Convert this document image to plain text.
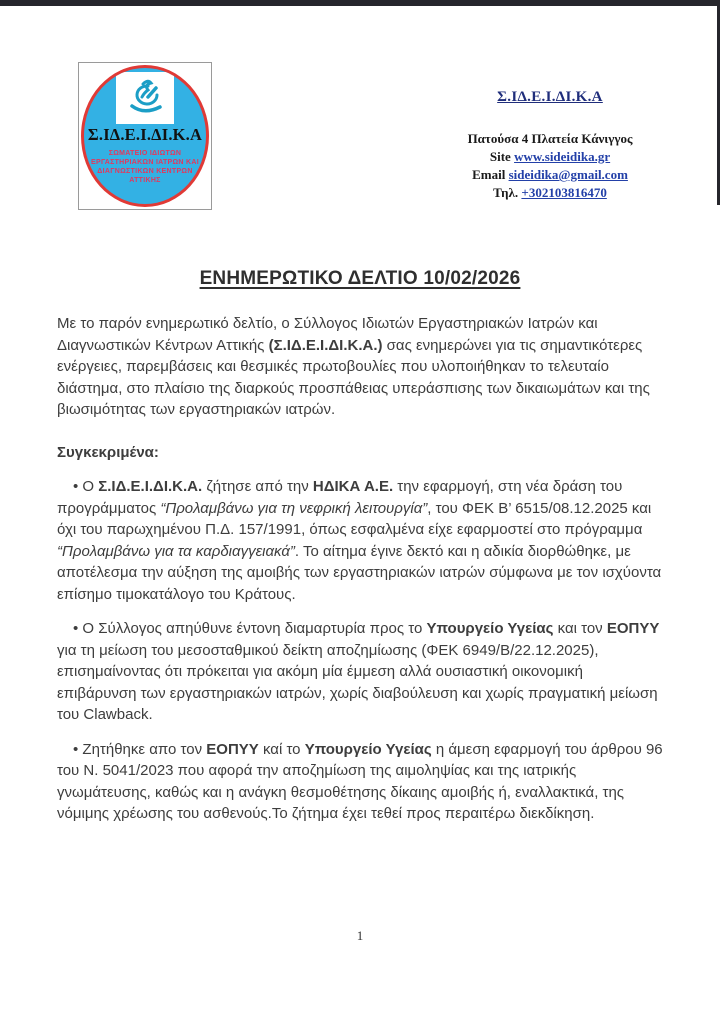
Σ.ΙΔ.Ε.Ι.ΔΙ.Κ.Α
ΣΩΜΑΤΕΙΟ ΙΔΙΩΤΩΝ
ΕΡΓΑΣΤΗΡΙΑΚΩΝ ΙΑΤΡΩΝ ΚΑΙ
ΔΙΑΓΝΩΣΤΙΚΩΝ ΚΕΝΤΡΩΝ
ΑΤΤΙΚΗΣ
Σ.ΙΔ.Ε.Ι.ΔΙ.Κ.Α
Πατούσα 4 Πλατεία Κάνιγγος
Site www.sideidika.gr
Email sideidika@gmail.com
Τηλ. +302103816470
ΕΝΗΜΕΡΩΤΙΚΟ ΔΕΛΤΙΟ 10/02/2026

Με το παρόν ενημερωτικό δελτίο, ο Σύλλογος Ιδιωτών Εργαστηριακών Ιατρών και Διαγνωστικών Κέντρων Αττικής (Σ.ΙΔ.Ε.Ι.ΔΙ.Κ.Α.) σας ενημερώνει για τις σημαντικότερες ενέργειες, παρεμβάσεις και θεσμικές πρωτοβουλίες που υλοποιήθηκαν το τελευταίο διάστημα, στο πλαίσιο της διαρκούς προσπάθειας υπεράσπισης των δικαιωμάτων και της βιωσιμότητας των εργαστηριακών ιατρών.

Συγκεκριμένα:

• Ο Σ.ΙΔ.Ε.Ι.ΔΙ.Κ.Α. ζήτησε από την ΗΔΙΚΑ Α.Ε. την εφαρμογή, στη νέα δράση του προγράμματος “Προλαμβάνω για τη νεφρική λειτουργία”, του ΦΕΚ Β’ 6515/08.12.2025 και όχι του παρωχημένου Π.Δ. 157/1991, όπως εσφαλμένα είχε εφαρμοστεί στο πρόγραμμα “Προλαμβάνω για τα καρδιαγγειακά”. Το αίτημα έγινε δεκτό και η αδικία διορθώθηκε, με αποτέλεσμα την αύξηση της αμοιβής των εργαστηριακών ιατρών σύμφωνα με τον ισχύοντα επίσημο τιμοκατάλογο του Κράτους.

• Ο Σύλλογος απηύθυνε έντονη διαμαρτυρία προς το Υπουργείο Υγείας και τον ΕΟΠΥΥ για τη μείωση του μεσοσταθμικού δείκτη αποζημίωσης (ΦΕΚ 6949/Β/22.12.2025), επισημαίνοντας ότι πρόκειται για ακόμη μία έμμεση αλλά ουσιαστική οικονομική επιβάρυνση των εργαστηριακών ιατρών, χωρίς διαβούλευση και χωρίς πραγματική μείωση του Clawback.

• Ζητήθηκε απο τον ΕΟΠΥΥ καί το Υπουργείο Υγείας η άμεση εφαρμογή του άρθρου 96 του Ν. 5041/2023 που αφορά την αποζημίωση της αιμοληψίας και της ιατρικής γνωμάτευσης, καθώς και η ανάγκη θεσμοθέτησης δίκαιης αμοιβής ή, εναλλακτικά, της νόμιμης χρέωσης του ασθενούς.Το ζήτημα έχει τεθεί προς περαιτέρω διεκδίκηση.

1
